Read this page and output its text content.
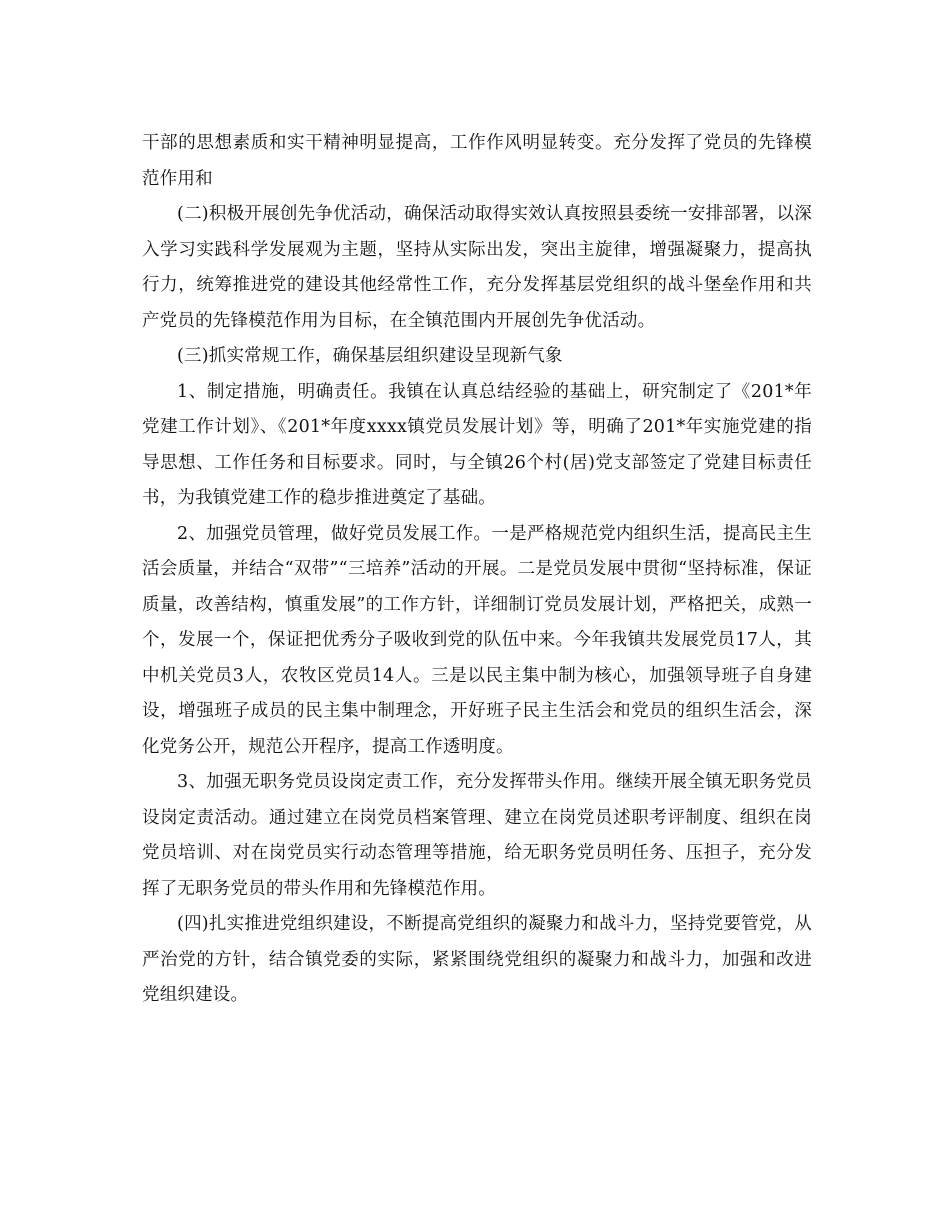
干部的思想素质和实干精神明显提高，工作作风明显转变。充分发挥了党员的先锋模范作用和

(二)积极开展创先争优活动，确保活动取得实效认真按照县委统一安排部署，以深入学习实践科学发展观为主题，坚持从实际出发，突出主旋律，增强凝聚力，提高执行力，统筹推进党的建设其他经常性工作，充分发挥基层党组织的战斗堡垒作用和共产党员的先锋模范作用为目标，在全镇范围内开展创先争优活动。

(三)抓实常规工作，确保基层组织建设呈现新气象

1、制定措施，明确责任。我镇在认真总结经验的基础上，研究制定了《201*年党建工作计划》、《201*年度xxxx镇党员发展计划》等，明确了201*年实施党建的指导思想、工作任务和目标要求。同时，与全镇26个村(居)党支部签定了党建目标责任书，为我镇党建工作的稳步推进奠定了基础。

2、加强党员管理，做好党员发展工作。一是严格规范党内组织生活，提高民主生活会质量，并结合“双带”“三培养”活动的开展。二是党员发展中贯彻“坚持标准，保证质量，改善结构，慎重发展”的工作方针，详细制订党员发展计划，严格把关，成熟一个，发展一个，保证把优秀分子吸收到党的队伍中来。今年我镇共发展党员17人，其中机关党员3人，农牧区党员14人。三是以民主集中制为核心，加强领导班子自身建设，增强班子成员的民主集中制理念，开好班子民主生活会和党员的组织生活会，深化党务公开，规范公开程序，提高工作透明度。

3、加强无职务党员设岗定责工作，充分发挥带头作用。继续开展全镇无职务党员设岗定责活动。通过建立在岗党员档案管理、建立在岗党员述职考评制度、组织在岗党员培训、对在岗党员实行动态管理等措施，给无职务党员明任务、压担子，充分发挥了无职务党员的带头作用和先锋模范作用。

(四)扎实推进党组织建设，不断提高党组织的凝聚力和战斗力，坚持党要管党，从严治党的方针，结合镇党委的实际，紧紧围绕党组织的凝聚力和战斗力，加强和改进党组织建设。
